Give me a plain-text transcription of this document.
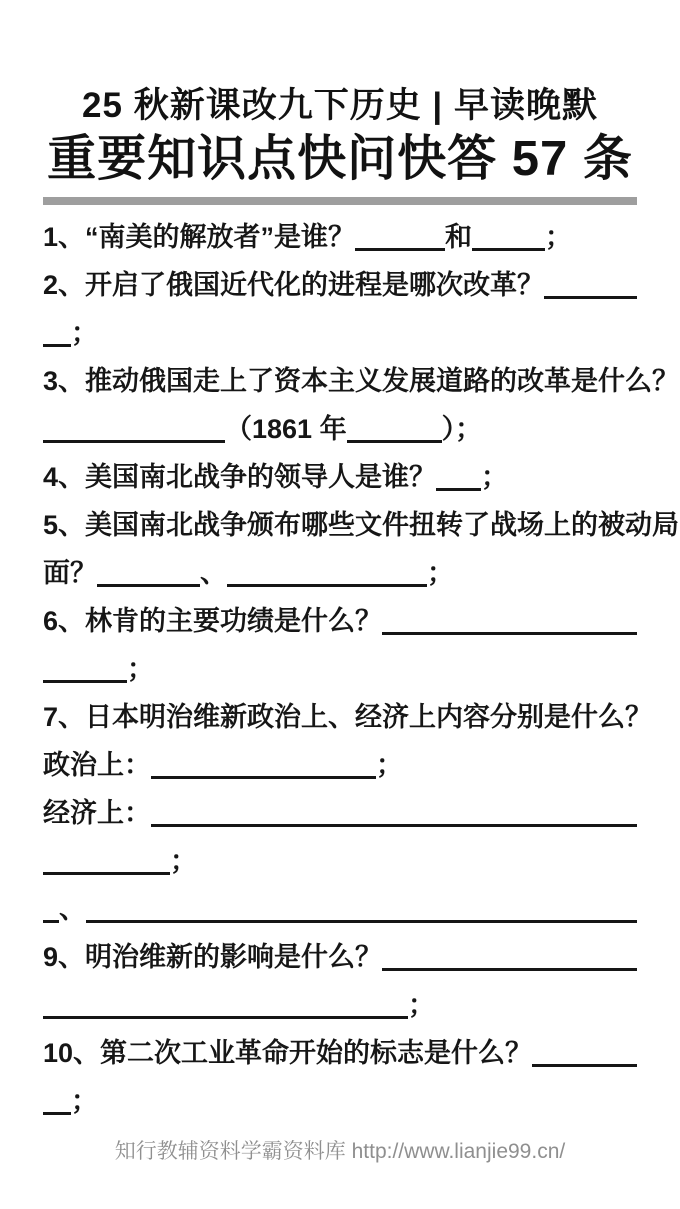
25 秋新课改九下历史 | 早读晚默
重要知识点快问快答 57 条
1、“南美的解放者”是谁？	和	；
2、开启了俄国近代化的进程是哪次改革？
；
3、推动俄国走上了资本主义发展道路的改革是什么？
（1861 年	）；
4、美国南北战争的领导人是谁？ ；
5、美国南北战争颁布哪些文件扭转了战场上的被动局
面？	、	；
6、林肯的主要功绩是什么？
；
7、日本明治维新政治上、经济上内容分别是什么？
政治上：	；
经济上：
；
、
9、明治维新的影响是什么？
；
10、第二次工业革命开始的标志是什么？
；
知行教辅资料学霸资料库 http://www.lianjie99.cn/
